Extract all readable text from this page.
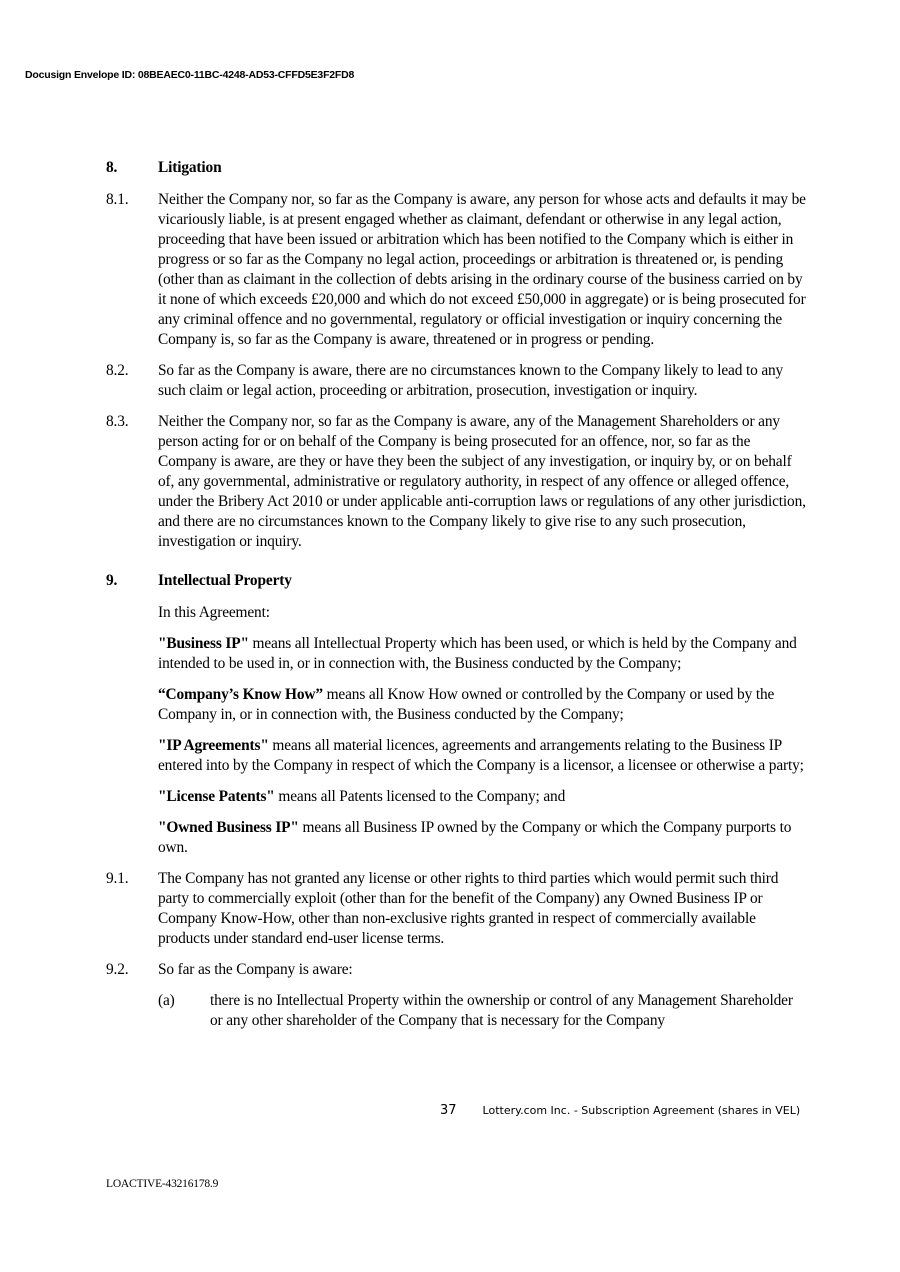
Docusign Envelope ID: 08BEAEC0-11BC-4248-AD53-CFFD5E3F2FD8
8.	Litigation
8.1.	Neither the Company nor, so far as the Company is aware, any person for whose acts and defaults it may be vicariously liable, is at present engaged whether as claimant, defendant or otherwise in any legal action, proceeding that have been issued or arbitration which has been notified to the Company which is either in progress or so far as the Company no legal action, proceedings or arbitration is threatened or, is pending (other than as claimant in the collection of debts arising in the ordinary course of the business carried on by it none of which exceeds £20,000 and which do not exceed £50,000 in aggregate) or is being prosecuted for any criminal offence and no governmental, regulatory or official investigation or inquiry concerning the Company is, so far as the Company is aware, threatened or in progress or pending.
8.2.	So far as the Company is aware, there are no circumstances known to the Company likely to lead to any such claim or legal action, proceeding or arbitration, prosecution, investigation or inquiry.
8.3.	Neither the Company nor, so far as the Company is aware, any of the Management Shareholders or any person acting for or on behalf of the Company is being prosecuted for an offence, nor, so far as the Company is aware, are they or have they been the subject of any investigation, or inquiry by, or on behalf of, any governmental, administrative or regulatory authority, in respect of any offence or alleged offence, under the Bribery Act 2010 or under applicable anti-corruption laws or regulations of any other jurisdiction, and there are no circumstances known to the Company likely to give rise to any such prosecution, investigation or inquiry.
9.	Intellectual Property
In this Agreement:
"Business IP" means all Intellectual Property which has been used, or which is held by the Company and intended to be used in, or in connection with, the Business conducted by the Company;
“Company’s Know How” means all Know How owned or controlled by the Company or used by the Company in, or in connection with, the Business conducted by the Company;
"IP Agreements" means all material licences, agreements and arrangements relating to the Business IP entered into by the Company in respect of which the Company is a licensor, a licensee or otherwise a party;
"License Patents" means all Patents licensed to the Company; and
"Owned Business IP" means all Business IP owned by the Company or which the Company purports to own.
9.1.	The Company has not granted any license or other rights to third parties which would permit such third party to commercially exploit (other than for the benefit of the Company) any Owned Business IP or Company Know-How, other than non-exclusive rights granted in respect of commercially available products under standard end-user license terms.
9.2.	So far as the Company is aware:
(a)	there is no Intellectual Property within the ownership or control of any Management Shareholder or any other shareholder of the Company that is necessary for the Company
37 Lottery.com Inc. - Subscription Agreement (shares in VEL)
LOACTIVE-43216178.9
